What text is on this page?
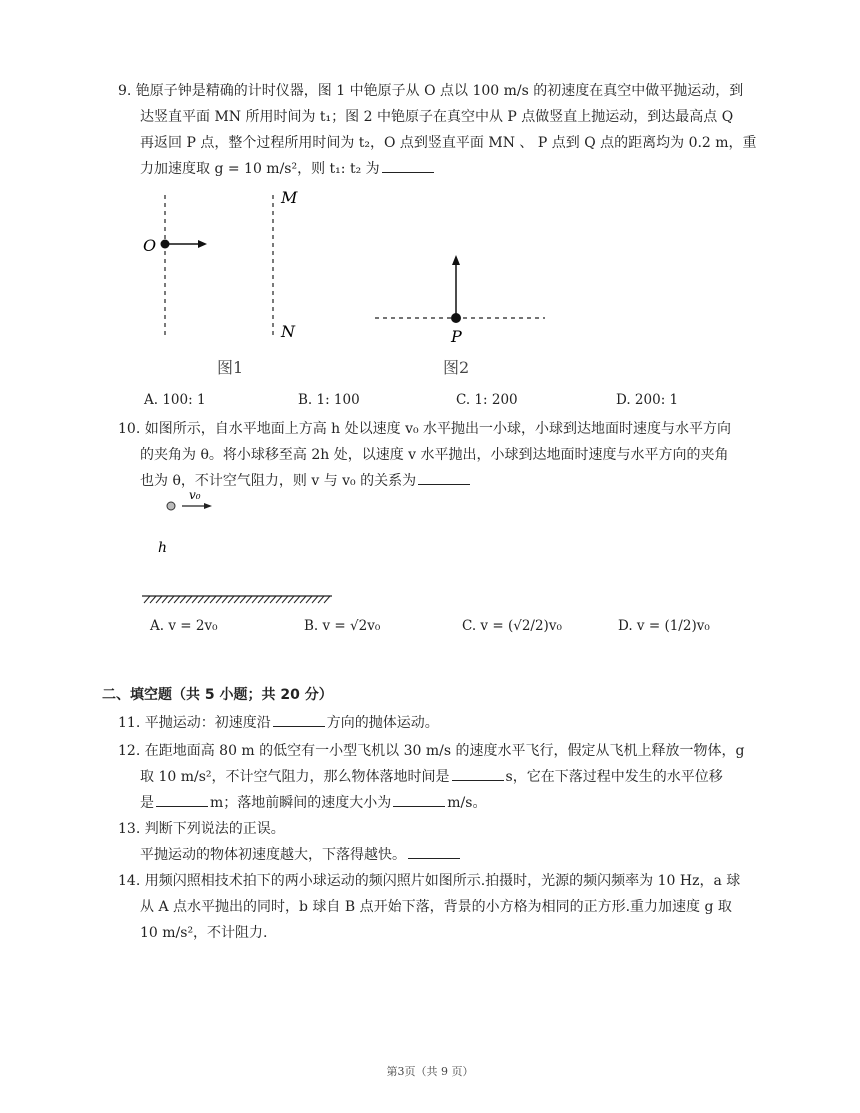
9. 铯原子钟是精确的计时仪器，图 1 中铯原子从 O 点以 100 m/s 的初速度在真空中做平抛运动，到
达竖直平面 MN 所用时间为 t₁；图 2 中铯原子在真空中从 P 点做竖直上抛运动，到达最高点 Q
再返回 P 点，整个过程所用时间为 t₂，O 点到竖直平面 MN 、 P 点到 Q 点的距离均为 0.2 m，重
力加速度取 g = 10 m/s²，则 t₁: t₂ 为
O
M
N
图1
P
图2
A. 100: 1	B. 1: 100	C. 1: 200	D. 200: 1
10. 如图所示，自水平地面上方高 h 处以速度 v₀ 水平抛出一小球，小球到达地面时速度与水平方向
的夹角为 θ。将小球移至高 2h 处，以速度 v 水平抛出，小球到达地面时速度与水平方向的夹角
也为 θ，不计空气阻力，则 v 与 v₀ 的关系为
v₀
h
A. v = 2v₀	B. v = √2v₀	C. v = (√2/2)v₀	D. v = (1/2)v₀
二、填空题（共 5 小题；共 20 分）
11. 平抛运动：初速度沿	方向的抛体运动。
12. 在距地面高 80 m 的低空有一小型飞机以 30 m/s 的速度水平飞行，假定从飞机上释放一物体，g
取 10 m/s²，不计空气阻力，那么物体落地时间是	s，它在下落过程中发生的水平位移
是	m；落地前瞬间的速度大小为	m/s。
13. 判断下列说法的正误。
平抛运动的物体初速度越大，下落得越快。
14. 用频闪照相技术拍下的两小球运动的频闪照片如图所示.拍摄时，光源的频闪频率为 10 Hz，a 球
从 A 点水平抛出的同时，b 球自 B 点开始下落，背景的小方格为相同的正方形.重力加速度 g 取
10 m/s²，不计阻力.
第3页（共 9 页）
